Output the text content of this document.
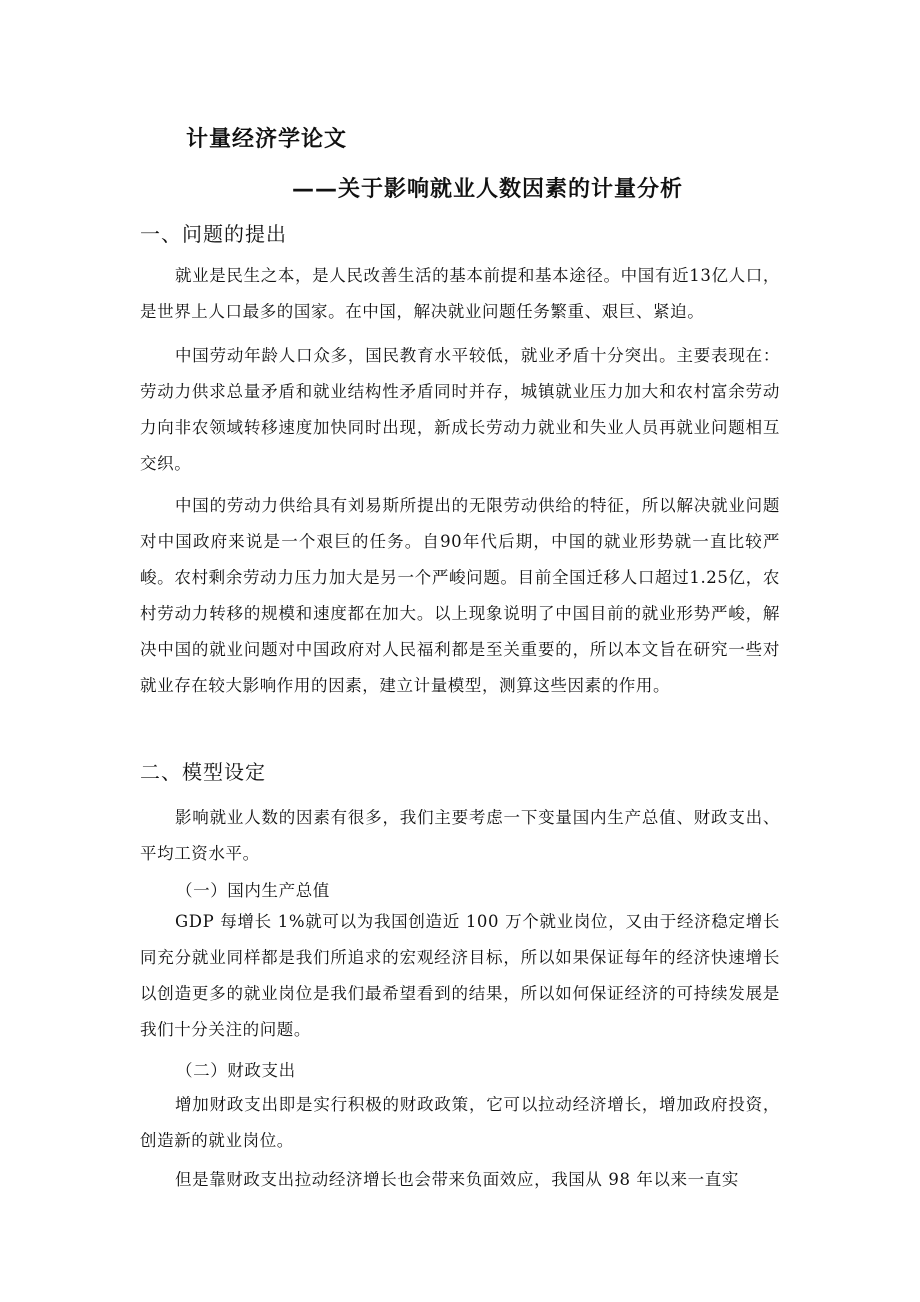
计量经济学论文
——关于影响就业人数因素的计量分析
一、问题的提出

就业是民生之本，是人民改善生活的基本前提和基本途径。中国有近13亿人口，是世界上人口最多的国家。在中国，解决就业问题任务繁重、艰巨、紧迫。

中国劳动年龄人口众多，国民教育水平较低，就业矛盾十分突出。主要表现在：劳动力供求总量矛盾和就业结构性矛盾同时并存，城镇就业压力加大和农村富余劳动力向非农领域转移速度加快同时出现，新成长劳动力就业和失业人员再就业问题相互交织。

中国的劳动力供给具有刘易斯所提出的无限劳动供给的特征，所以解决就业问题对中国政府来说是一个艰巨的任务。自90年代后期，中国的就业形势就一直比较严峻。农村剩余劳动力压力加大是另一个严峻问题。目前全国迁移人口超过1.25亿，农村劳动力转移的规模和速度都在加大。以上现象说明了中国目前的就业形势严峻，解决中国的就业问题对中国政府对人民福利都是至关重要的，所以本文旨在研究一些对就业存在较大影响作用的因素，建立计量模型，测算这些因素的作用。

二、模型设定

影响就业人数的因素有很多，我们主要考虑一下变量国内生产总值、财政支出、平均工资水平。

（一）国内生产总值

GDP 每增长 1%就可以为我国创造近 100 万个就业岗位，又由于经济稳定增长同充分就业同样都是我们所追求的宏观经济目标，所以如果保证每年的经济快速增长以创造更多的就业岗位是我们最希望看到的结果，所以如何保证经济的可持续发展是我们十分关注的问题。

（二）财政支出

增加财政支出即是实行积极的财政政策，它可以拉动经济增长，增加政府投资，创造新的就业岗位。

但是靠财政支出拉动经济增长也会带来负面效应，我国从 98 年以来一直实
